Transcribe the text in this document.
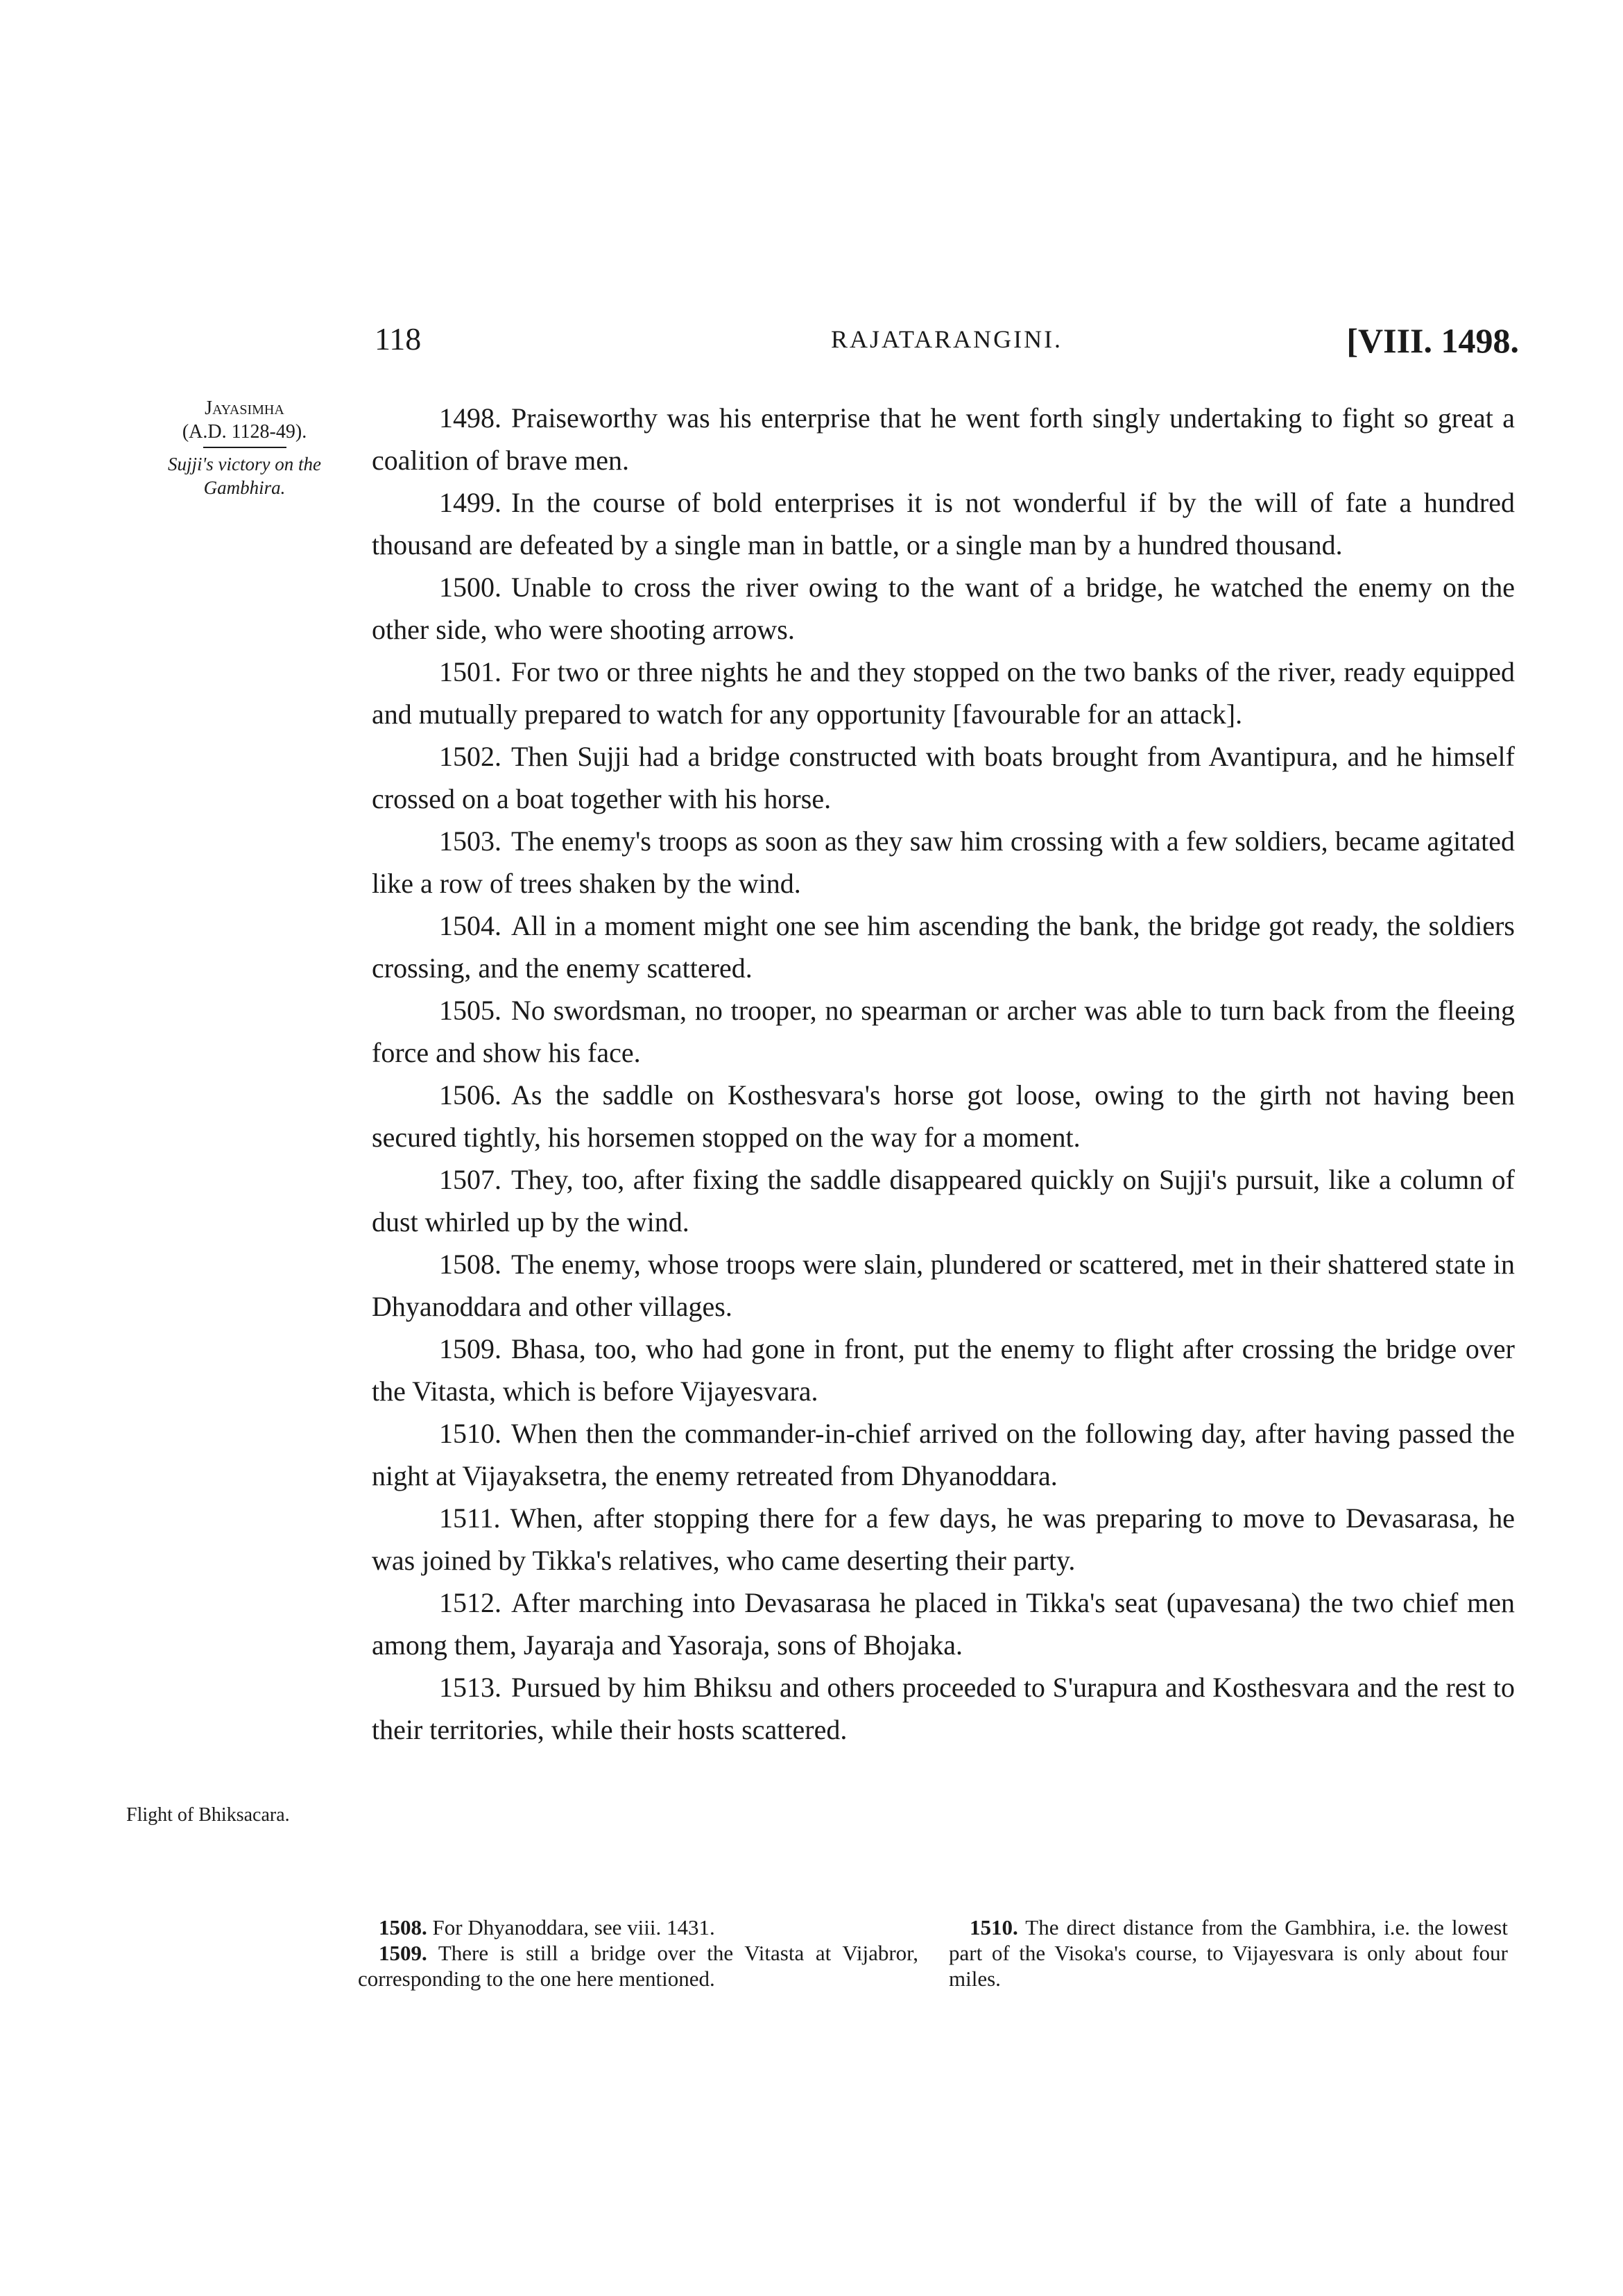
118	RAJATARANGINI.	[VIII. 1498.
Jayasimha
(A.D. 1128-49).
Sujji's victory on the
Gambhira.
Flight of Bhiksacara.

1498. Praiseworthy was his enterprise that he went forth singly undertaking to fight so great a coalition of brave men.

1499. In the course of bold enterprises it is not wonderful if by the will of fate a hundred thousand are defeated by a single man in battle, or a single man by a hundred thousand.

1500. Unable to cross the river owing to the want of a bridge, he watched the enemy on the other side, who were shooting arrows.

1501. For two or three nights he and they stopped on the two banks of the river, ready equipped and mutually prepared to watch for any opportunity [favourable for an attack].

1502. Then Sujji had a bridge constructed with boats brought from Avantipura, and he himself crossed on a boat together with his horse.

1503. The enemy's troops as soon as they saw him crossing with a few soldiers, became agitated like a row of trees shaken by the wind.

1504. All in a moment might one see him ascending the bank, the bridge got ready, the soldiers crossing, and the enemy scattered.

1505. No swordsman, no trooper, no spearman or archer was able to turn back from the fleeing force and show his face.

1506. As the saddle on Kosthesvara's horse got loose, owing to the girth not having been secured tightly, his horsemen stopped on the way for a moment.

1507. They, too, after fixing the saddle disappeared quickly on Sujji's pursuit, like a column of dust whirled up by the wind.

1508. The enemy, whose troops were slain, plundered or scattered, met in their shattered state in Dhyanoddara and other villages.

1509. Bhasa, too, who had gone in front, put the enemy to flight after crossing the bridge over the Vitasta, which is before Vijayesvara.

1510. When then the commander-in-chief arrived on the following day, after having passed the night at Vijayaksetra, the enemy retreated from Dhyanoddara.

1511. When, after stopping there for a few days, he was preparing to move to Devasarasa, he was joined by Tikka's relatives, who came deserting their party.

1512. After marching into Devasarasa he placed in Tikka's seat (upavesana) the two chief men among them, Jayaraja and Yasoraja, sons of Bhojaka.

1513. Pursued by him Bhiksu and others proceeded to S'urapura and Kosthesvara and the rest to their territories, while their hosts scattered.

1508. For Dhyanoddara, see viii. 1431.

1509. There is still a bridge over the Vitasta at Vijabror, corresponding to the one here mentioned.

1510. The direct distance from the Gambhira, i.e. the lowest part of the Visoka's course, to Vijayesvara is only about four miles.
